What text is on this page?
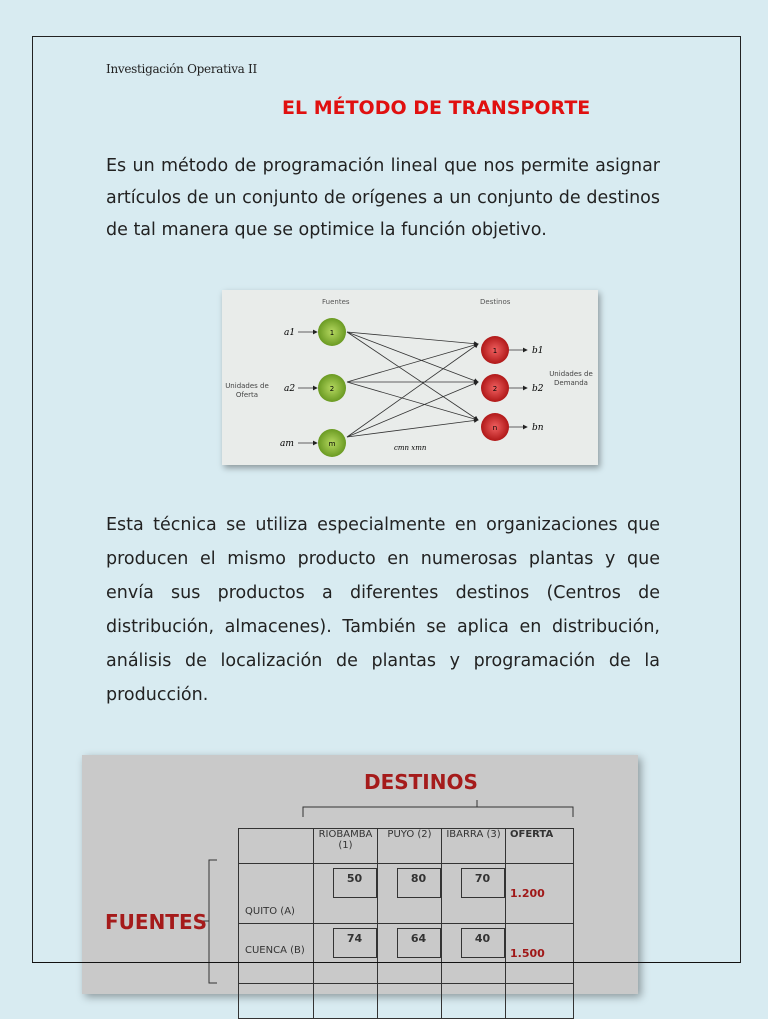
Investigación Operativa II
EL MÉTODO DE TRANSPORTE
Es un método de programación lineal que nos permite asignar artículos de un conjunto de orígenes a un conjunto de destinos de tal manera que se optimice la función objetivo.
Fuentes	Destinos
1
2
m
a1
a2
am
1
2
n
b1
b2
bn
cmn xmn
Unidades de Oferta
Unidades de Demanda
Esta técnica se utiliza especialmente en organizaciones que producen el mismo producto en numerosas plantas y que envía sus productos a diferentes destinos (Centros de distribución, almacenes). También se aplica en distribución, análisis de localización de plantas y programación de la producción.
DESTINOS
FUENTES
	RIOBAMBA (1)	PUYO (2)	IBARRA (3)	OFERTA
QUITO (A)	50	80	70	1.200
CUENCA (B)	74	64	40	1.500
